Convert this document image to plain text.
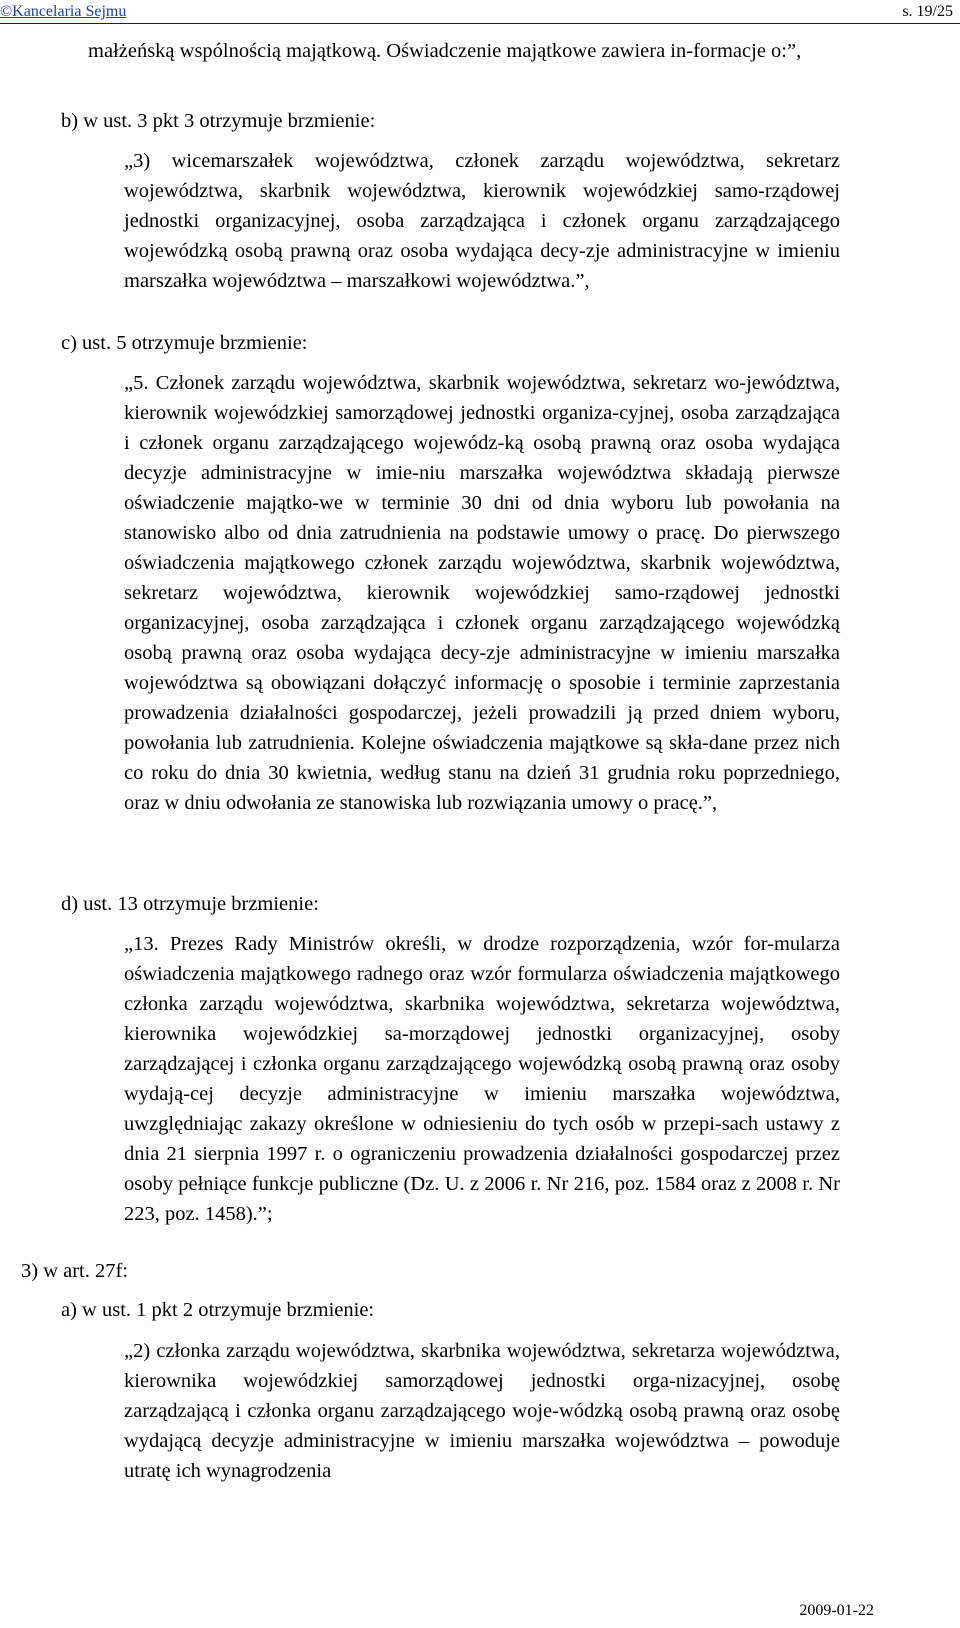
©Kancelaria Sejmu	s. 19/25

małżeńską wspólnością majątkową. Oświadczenie majątkowe zawiera in-formacje o:”,

b) w ust. 3 pkt 3 otrzymuje brzmienie:

„3) wicemarszałek województwa, członek zarządu województwa, sekretarz województwa, skarbnik województwa, kierownik wojewódzkiej samo-rządowej jednostki organizacyjnej, osoba zarządzająca i członek organu zarządzającego wojewódzką osobą prawną oraz osoba wydająca decy-zje administracyjne w imieniu marszałka województwa – marszałkowi województwa.”,

c) ust. 5 otrzymuje brzmienie:

„5. Członek zarządu województwa, skarbnik województwa, sekretarz wo-jewództwa, kierownik wojewódzkiej samorządowej jednostki organiza-cyjnej, osoba zarządzająca i członek organu zarządzającego wojewódz-ką osobą prawną oraz osoba wydająca decyzje administracyjne w imie-niu marszałka województwa składają pierwsze oświadczenie majątko-we w terminie 30 dni od dnia wyboru lub powołania na stanowisko albo od dnia zatrudnienia na podstawie umowy o pracę. Do pierwszego oświadczenia majątkowego członek zarządu województwa, skarbnik województwa, sekretarz województwa, kierownik wojewódzkiej samo-rządowej jednostki organizacyjnej, osoba zarządzająca i członek organu zarządzającego wojewódzką osobą prawną oraz osoba wydająca decy-zje administracyjne w imieniu marszałka województwa są obowiązani dołączyć informację o sposobie i terminie zaprzestania prowadzenia działalności gospodarczej, jeżeli prowadzili ją przed dniem wyboru, powołania lub zatrudnienia. Kolejne oświadczenia majątkowe są skła-dane przez nich co roku do dnia 30 kwietnia, według stanu na dzień 31 grudnia roku poprzedniego, oraz w dniu odwołania ze stanowiska lub rozwiązania umowy o pracę.”,

d) ust. 13 otrzymuje brzmienie:

„13. Prezes Rady Ministrów określi, w drodze rozporządzenia, wzór for-mularza oświadczenia majątkowego radnego oraz wzór formularza oświadczenia majątkowego członka zarządu województwa, skarbnika województwa, sekretarza województwa, kierownika wojewódzkiej sa-morządowej jednostki organizacyjnej, osoby zarządzającej i członka organu zarządzającego wojewódzką osobą prawną oraz osoby wydają-cej decyzje administracyjne w imieniu marszałka województwa, uwzględniając zakazy określone w odniesieniu do tych osób w przepi-sach ustawy z dnia 21 sierpnia 1997 r. o ograniczeniu prowadzenia działalności gospodarczej przez osoby pełniące funkcje publiczne (Dz. U. z 2006 r. Nr 216, poz. 1584 oraz z 2008 r. Nr 223, poz. 1458).”;

3) w art. 27f:
a) w ust. 1 pkt 2 otrzymuje brzmienie:

„2) członka zarządu województwa, skarbnika województwa, sekretarza województwa, kierownika wojewódzkiej samorządowej jednostki orga-nizacyjnej, osobę zarządzającą i członka organu zarządzającego woje-wódzką osobą prawną oraz osobę wydającą decyzje administracyjne w imieniu marszałka województwa – powoduje utratę ich wynagrodzenia

2009-01-22
